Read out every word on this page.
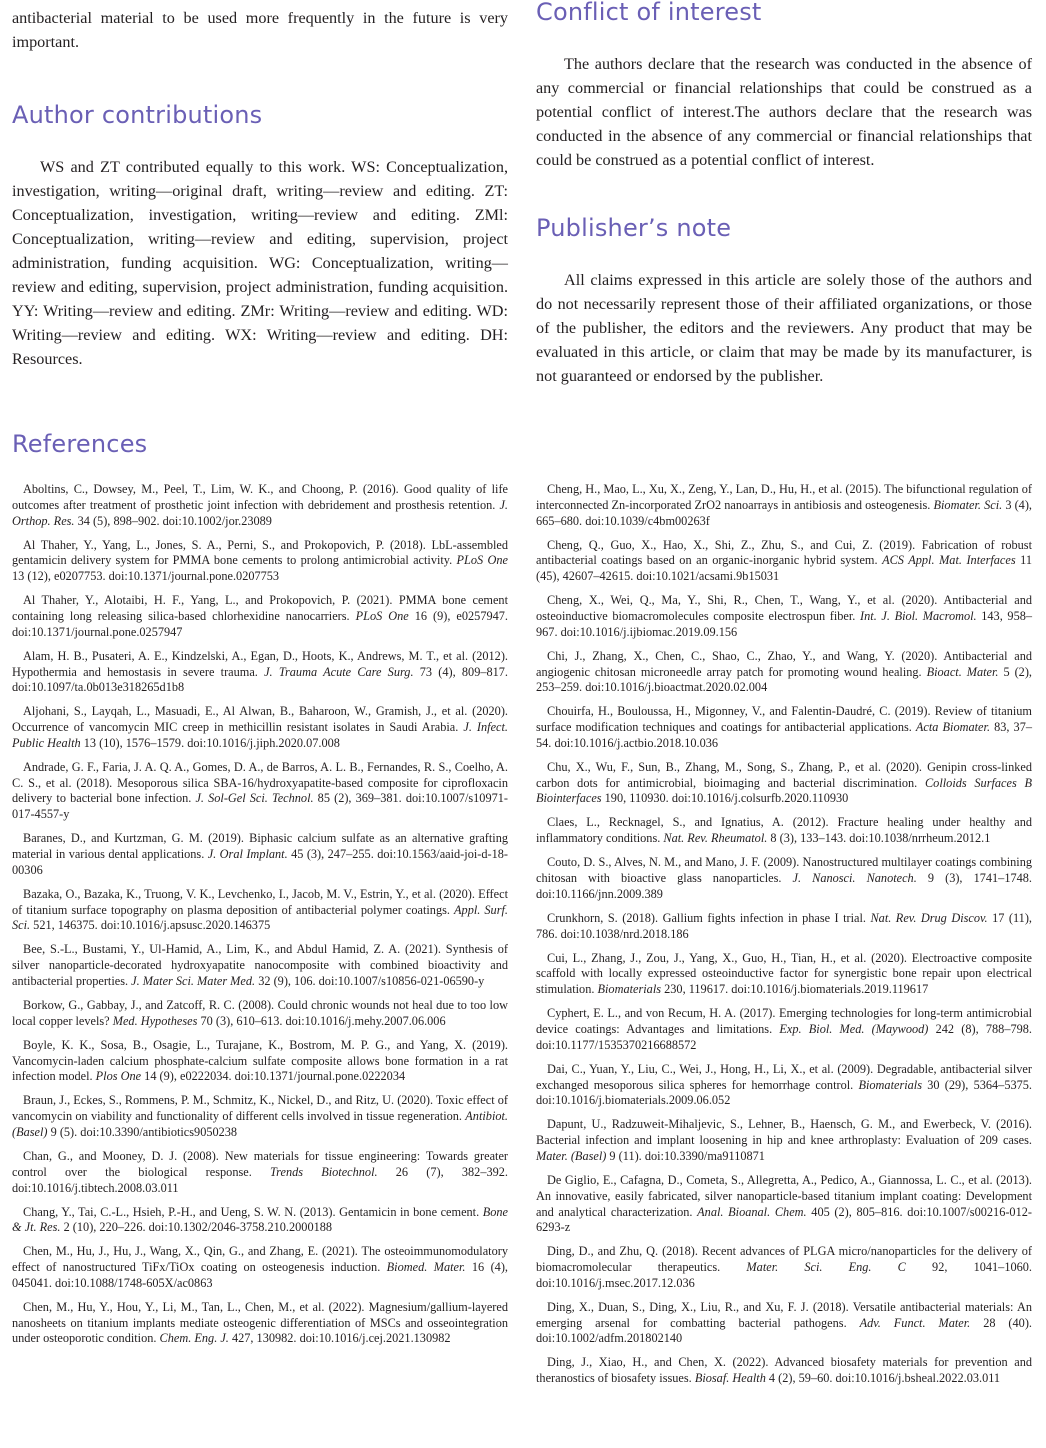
antibacterial material to be used more frequently in the future is very important.

Author contributions

WS and ZT contributed equally to this work. WS: Conceptualization, investigation, writing—original draft, writing—review and editing. ZT: Conceptualization, investigation, writing—review and editing. ZMl: Conceptualization, writing—review and editing, supervision, project administration, funding acquisition. WG: Conceptualization, writing—review and editing, supervision, project administration, funding acquisition. YY: Writing—review and editing. ZMr: Writing—review and editing. WD: Writing—review and editing. WX: Writing—review and editing. DH: Resources.

Conflict of interest

The authors declare that the research was conducted in the absence of any commercial or financial relationships that could be construed as a potential conflict of interest.The authors declare that the research was conducted in the absence of any commercial or financial relationships that could be construed as a potential conflict of interest.

Publisher’s note

All claims expressed in this article are solely those of the authors and do not necessarily represent those of their affiliated organizations, or those of the publisher, the editors and the reviewers. Any product that may be evaluated in this article, or claim that may be made by its manufacturer, is not guaranteed or endorsed by the publisher.

References

Aboltins, C., Dowsey, M., Peel, T., Lim, W. K., and Choong, P. (2016). Good quality of life outcomes after treatment of prosthetic joint infection with debridement and prosthesis retention. J. Orthop. Res. 34 (5), 898–902. doi:10.1002/jor.23089

Al Thaher, Y., Yang, L., Jones, S. A., Perni, S., and Prokopovich, P. (2018). LbL-assembled gentamicin delivery system for PMMA bone cements to prolong antimicrobial activity. PLoS One 13 (12), e0207753. doi:10.1371/journal.pone.0207753

Al Thaher, Y., Alotaibi, H. F., Yang, L., and Prokopovich, P. (2021). PMMA bone cement containing long releasing silica-based chlorhexidine nanocarriers. PLoS One 16 (9), e0257947. doi:10.1371/journal.pone.0257947

Alam, H. B., Pusateri, A. E., Kindzelski, A., Egan, D., Hoots, K., Andrews, M. T., et al. (2012). Hypothermia and hemostasis in severe trauma. J. Trauma Acute Care Surg. 73 (4), 809–817. doi:10.1097/ta.0b013e318265d1b8

Aljohani, S., Layqah, L., Masuadi, E., Al Alwan, B., Baharoon, W., Gramish, J., et al. (2020). Occurrence of vancomycin MIC creep in methicillin resistant isolates in Saudi Arabia. J. Infect. Public Health 13 (10), 1576–1579. doi:10.1016/j.jiph.2020.07.008

Andrade, G. F., Faria, J. A. Q. A., Gomes, D. A., de Barros, A. L. B., Fernandes, R. S., Coelho, A. C. S., et al. (2018). Mesoporous silica SBA-16/hydroxyapatite-based composite for ciprofloxacin delivery to bacterial bone infection. J. Sol-Gel Sci. Technol. 85 (2), 369–381. doi:10.1007/s10971-017-4557-y

Baranes, D., and Kurtzman, G. M. (2019). Biphasic calcium sulfate as an alternative grafting material in various dental applications. J. Oral Implant. 45 (3), 247–255. doi:10.1563/aaid-joi-d-18-00306

Bazaka, O., Bazaka, K., Truong, V. K., Levchenko, I., Jacob, M. V., Estrin, Y., et al. (2020). Effect of titanium surface topography on plasma deposition of antibacterial polymer coatings. Appl. Surf. Sci. 521, 146375. doi:10.1016/j.apsusc.2020.146375

Bee, S.-L., Bustami, Y., Ul-Hamid, A., Lim, K., and Abdul Hamid, Z. A. (2021). Synthesis of silver nanoparticle-decorated hydroxyapatite nanocomposite with combined bioactivity and antibacterial properties. J. Mater Sci. Mater Med. 32 (9), 106. doi:10.1007/s10856-021-06590-y

Borkow, G., Gabbay, J., and Zatcoff, R. C. (2008). Could chronic wounds not heal due to too low local copper levels? Med. Hypotheses 70 (3), 610–613. doi:10.1016/j.mehy.2007.06.006

Boyle, K. K., Sosa, B., Osagie, L., Turajane, K., Bostrom, M. P. G., and Yang, X. (2019). Vancomycin-laden calcium phosphate-calcium sulfate composite allows bone formation in a rat infection model. Plos One 14 (9), e0222034. doi:10.1371/journal.pone.0222034

Braun, J., Eckes, S., Rommens, P. M., Schmitz, K., Nickel, D., and Ritz, U. (2020). Toxic effect of vancomycin on viability and functionality of different cells involved in tissue regeneration. Antibiot. (Basel) 9 (5). doi:10.3390/antibiotics9050238

Chan, G., and Mooney, D. J. (2008). New materials for tissue engineering: Towards greater control over the biological response. Trends Biotechnol. 26 (7), 382–392. doi:10.1016/j.tibtech.2008.03.011

Chang, Y., Tai, C.-L., Hsieh, P.-H., and Ueng, S. W. N. (2013). Gentamicin in bone cement. Bone & Jt. Res. 2 (10), 220–226. doi:10.1302/2046-3758.210.2000188

Chen, M., Hu, J., Hu, J., Wang, X., Qin, G., and Zhang, E. (2021). The osteoimmunomodulatory effect of nanostructured TiFx/TiOx coating on osteogenesis induction. Biomed. Mater. 16 (4), 045041. doi:10.1088/1748-605X/ac0863

Chen, M., Hu, Y., Hou, Y., Li, M., Tan, L., Chen, M., et al. (2022). Magnesium/gallium-layered nanosheets on titanium implants mediate osteogenic differentiation of MSCs and osseointegration under osteoporotic condition. Chem. Eng. J. 427, 130982. doi:10.1016/j.cej.2021.130982

Cheng, H., Mao, L., Xu, X., Zeng, Y., Lan, D., Hu, H., et al. (2015). The bifunctional regulation of interconnected Zn-incorporated ZrO2 nanoarrays in antibiosis and osteogenesis. Biomater. Sci. 3 (4), 665–680. doi:10.1039/c4bm00263f

Cheng, Q., Guo, X., Hao, X., Shi, Z., Zhu, S., and Cui, Z. (2019). Fabrication of robust antibacterial coatings based on an organic-inorganic hybrid system. ACS Appl. Mat. Interfaces 11 (45), 42607–42615. doi:10.1021/acsami.9b15031

Cheng, X., Wei, Q., Ma, Y., Shi, R., Chen, T., Wang, Y., et al. (2020). Antibacterial and osteoinductive biomacromolecules composite electrospun fiber. Int. J. Biol. Macromol. 143, 958–967. doi:10.1016/j.ijbiomac.2019.09.156

Chi, J., Zhang, X., Chen, C., Shao, C., Zhao, Y., and Wang, Y. (2020). Antibacterial and angiogenic chitosan microneedle array patch for promoting wound healing. Bioact. Mater. 5 (2), 253–259. doi:10.1016/j.bioactmat.2020.02.004

Chouirfa, H., Bouloussa, H., Migonney, V., and Falentin-Daudré, C. (2019). Review of titanium surface modification techniques and coatings for antibacterial applications. Acta Biomater. 83, 37–54. doi:10.1016/j.actbio.2018.10.036

Chu, X., Wu, F., Sun, B., Zhang, M., Song, S., Zhang, P., et al. (2020). Genipin cross-linked carbon dots for antimicrobial, bioimaging and bacterial discrimination. Colloids Surfaces B Biointerfaces 190, 110930. doi:10.1016/j.colsurfb.2020.110930

Claes, L., Recknagel, S., and Ignatius, A. (2012). Fracture healing under healthy and inflammatory conditions. Nat. Rev. Rheumatol. 8 (3), 133–143. doi:10.1038/nrrheum.2012.1

Couto, D. S., Alves, N. M., and Mano, J. F. (2009). Nanostructured multilayer coatings combining chitosan with bioactive glass nanoparticles. J. Nanosci. Nanotech. 9 (3), 1741–1748. doi:10.1166/jnn.2009.389

Crunkhorn, S. (2018). Gallium fights infection in phase I trial. Nat. Rev. Drug Discov. 17 (11), 786. doi:10.1038/nrd.2018.186

Cui, L., Zhang, J., Zou, J., Yang, X., Guo, H., Tian, H., et al. (2020). Electroactive composite scaffold with locally expressed osteoinductive factor for synergistic bone repair upon electrical stimulation. Biomaterials 230, 119617. doi:10.1016/j.biomaterials.2019.119617

Cyphert, E. L., and von Recum, H. A. (2017). Emerging technologies for long-term antimicrobial device coatings: Advantages and limitations. Exp. Biol. Med. (Maywood) 242 (8), 788–798. doi:10.1177/1535370216688572

Dai, C., Yuan, Y., Liu, C., Wei, J., Hong, H., Li, X., et al. (2009). Degradable, antibacterial silver exchanged mesoporous silica spheres for hemorrhage control. Biomaterials 30 (29), 5364–5375. doi:10.1016/j.biomaterials.2009.06.052

Dapunt, U., Radzuweit-Mihaljevic, S., Lehner, B., Haensch, G. M., and Ewerbeck, V. (2016). Bacterial infection and implant loosening in hip and knee arthroplasty: Evaluation of 209 cases. Mater. (Basel) 9 (11). doi:10.3390/ma9110871

De Giglio, E., Cafagna, D., Cometa, S., Allegretta, A., Pedico, A., Giannossa, L. C., et al. (2013). An innovative, easily fabricated, silver nanoparticle-based titanium implant coating: Development and analytical characterization. Anal. Bioanal. Chem. 405 (2), 805–816. doi:10.1007/s00216-012-6293-z

Ding, D., and Zhu, Q. (2018). Recent advances of PLGA micro/nanoparticles for the delivery of biomacromolecular therapeutics. Mater. Sci. Eng. C 92, 1041–1060. doi:10.1016/j.msec.2017.12.036

Ding, X., Duan, S., Ding, X., Liu, R., and Xu, F. J. (2018). Versatile antibacterial materials: An emerging arsenal for combatting bacterial pathogens. Adv. Funct. Mater. 28 (40). doi:10.1002/adfm.201802140

Ding, J., Xiao, H., and Chen, X. (2022). Advanced biosafety materials for prevention and theranostics of biosafety issues. Biosaf. Health 4 (2), 59–60. doi:10.1016/j.bsheal.2022.03.011
